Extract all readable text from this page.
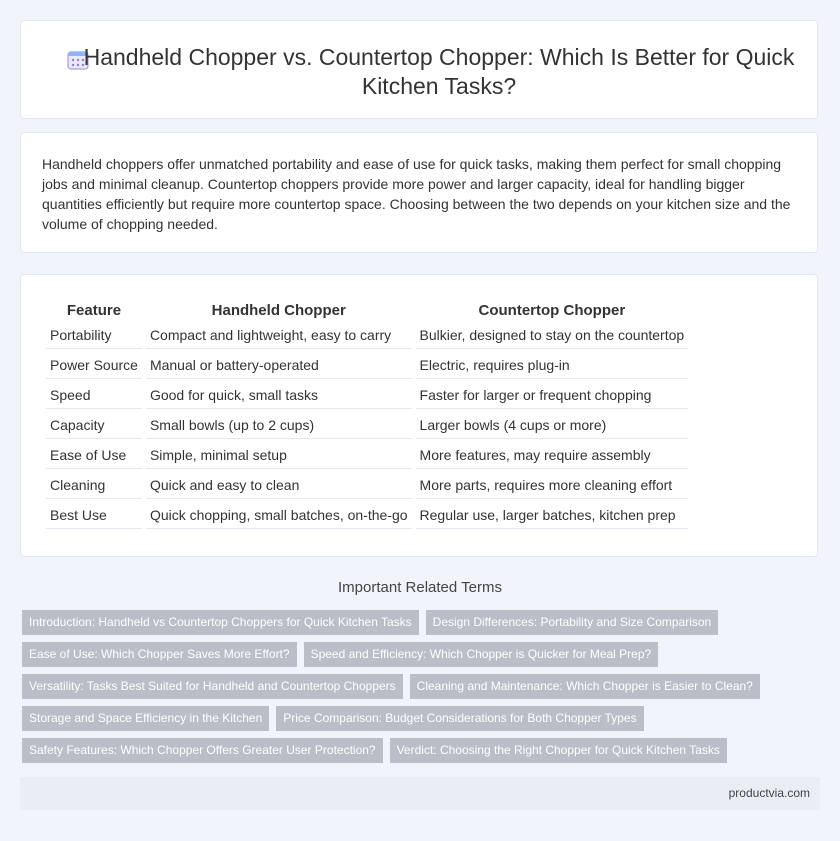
Handheld Chopper vs. Countertop Chopper: Which Is Better for Quick Kitchen Tasks?
Handheld choppers offer unmatched portability and ease of use for quick tasks, making them perfect for small chopping jobs and minimal cleanup. Countertop choppers provide more power and larger capacity, ideal for handling bigger quantities efficiently but require more countertop space. Choosing between the two depends on your kitchen size and the volume of chopping needed.
Feature	Handheld Chopper	Countertop Chopper
Portability	Compact and lightweight, easy to carry	Bulkier, designed to stay on the countertop
Power Source	Manual or battery-operated	Electric, requires plug-in
Speed	Good for quick, small tasks	Faster for larger or frequent chopping
Capacity	Small bowls (up to 2 cups)	Larger bowls (4 cups or more)
Ease of Use	Simple, minimal setup	More features, may require assembly
Cleaning	Quick and easy to clean	More parts, requires more cleaning effort
Best Use	Quick chopping, small batches, on-the-go	Regular use, larger batches, kitchen prep
Important Related Terms
Introduction: Handheld vs Countertop Choppers for Quick Kitchen Tasks	Design Differences: Portability and Size Comparison
Ease of Use: Which Chopper Saves More Effort?	Speed and Efficiency: Which Chopper is Quicker for Meal Prep?
Versatility: Tasks Best Suited for Handheld and Countertop Choppers	Cleaning and Maintenance: Which Chopper is Easier to Clean?
Storage and Space Efficiency in the Kitchen	Price Comparison: Budget Considerations for Both Chopper Types
Safety Features: Which Chopper Offers Greater User Protection?	Verdict: Choosing the Right Chopper for Quick Kitchen Tasks
productvia.com
